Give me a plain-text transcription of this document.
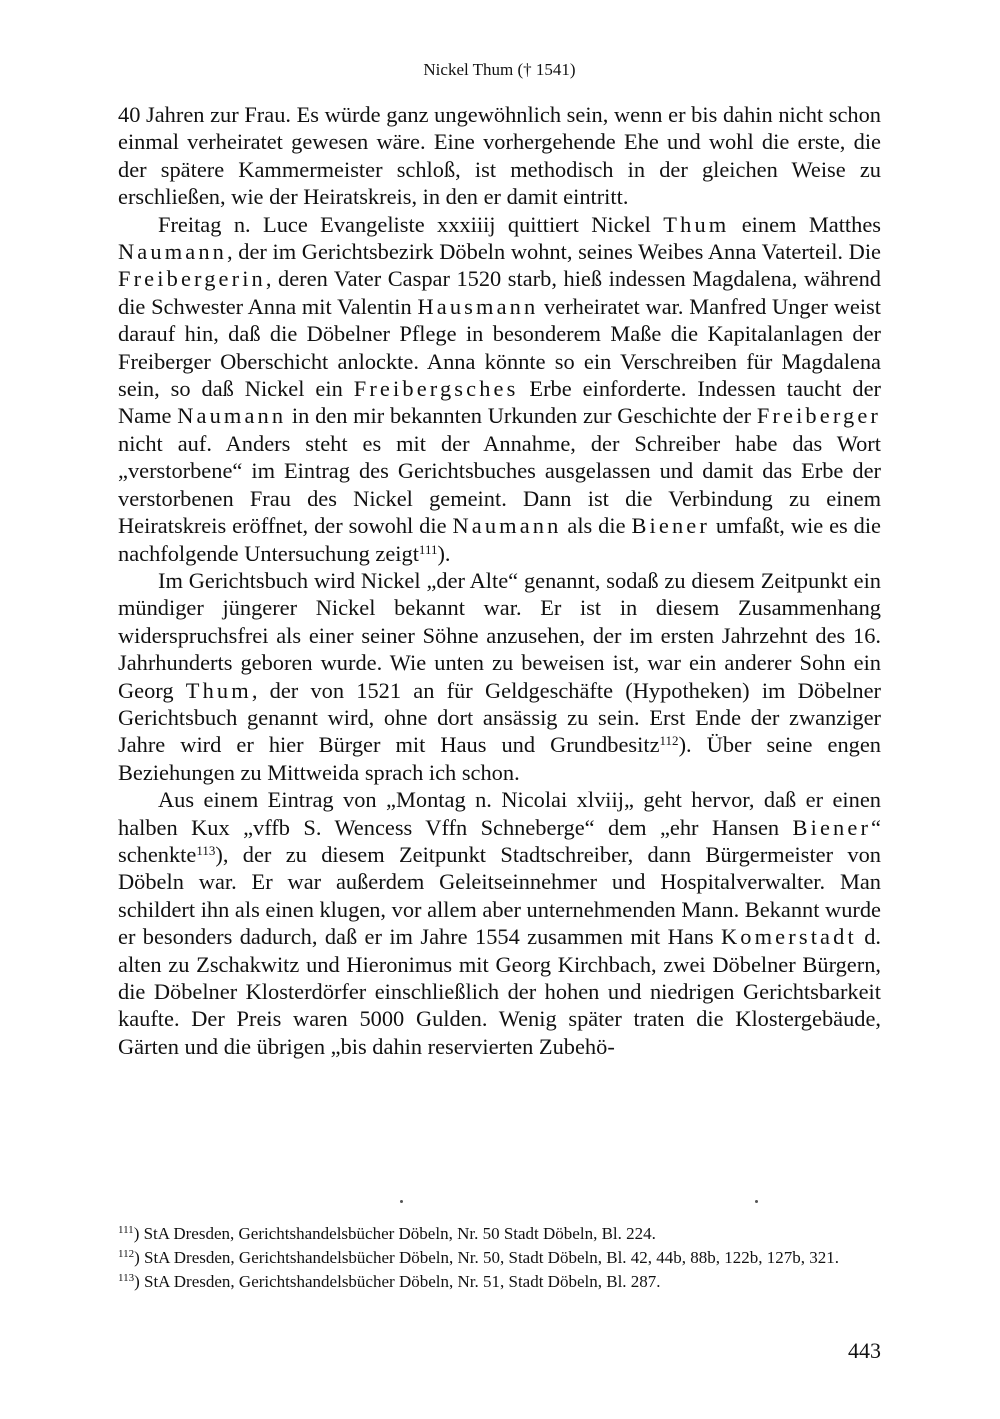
Nickel Thum († 1541)

40 Jahren zur Frau. Es würde ganz ungewöhnlich sein, wenn er bis dahin nicht schon einmal verheiratet gewesen wäre. Eine vorhergehende Ehe und wohl die erste, die der spätere Kammermeister schloß, ist methodisch in der gleichen Weise zu erschließen, wie der Heiratskreis, in den er damit eintritt.

Freitag n. Luce Evangeliste xxxiiij quittiert Nickel Thum einem Matthes Naumann, der im Gerichtsbezirk Döbeln wohnt, seines Weibes Anna Vaterteil. Die Freibergerin, deren Vater Caspar 1520 starb, hieß indessen Magdalena, während die Schwester Anna mit Valentin Hausmann verheiratet war. Manfred Unger weist darauf hin, daß die Döbelner Pflege in besonderem Maße die Kapitalanlagen der Freiberger Oberschicht anlockte. Anna könnte so ein Verschreiben für Magdalena sein, so daß Nickel ein Freibergsches Erbe einforderte. Indessen taucht der Name Naumann in den mir bekannten Urkunden zur Geschichte der Freiberger nicht auf. Anders steht es mit der Annahme, der Schreiber habe das Wort „verstorbene“ im Eintrag des Gerichtsbuches ausgelassen und damit das Erbe der verstorbenen Frau des Nickel gemeint. Dann ist die Verbindung zu einem Heiratskreis eröffnet, der sowohl die Naumann als die Biener umfaßt, wie es die nachfolgende Untersuchung zeigt$^{111}$).

Im Gerichtsbuch wird Nickel „der Alte“ genannt, sodaß zu diesem Zeitpunkt ein mündiger jüngerer Nickel bekannt war. Er ist in diesem Zusammenhang widerspruchsfrei als einer seiner Söhne anzusehen, der im ersten Jahrzehnt des 16. Jahrhunderts geboren wurde. Wie unten zu beweisen ist, war ein anderer Sohn ein Georg Thum, der von 1521 an für Geldgeschäfte (Hypotheken) im Döbelner Gerichtsbuch genannt wird, ohne dort ansässig zu sein. Erst Ende der zwanziger Jahre wird er hier Bürger mit Haus und Grundbesitz$^{112}$). Über seine engen Beziehungen zu Mittweida sprach ich schon.

Aus einem Eintrag von „Montag n. Nicolai xlviij„ geht hervor, daß er einen halben Kux „vffb S. Wencess Vffn Schneberge“ dem „ehr Hansen Biener“ schenkte$^{113}$), der zu diesem Zeitpunkt Stadtschreiber, dann Bürgermeister von Döbeln war. Er war außerdem Geleitseinnehmer und Hospitalverwalter. Man schildert ihn als einen klugen, vor allem aber unternehmenden Mann. Bekannt wurde er besonders dadurch, daß er im Jahre 1554 zusammen mit Hans Komerstadt d. alten zu Zschakwitz und Hieronimus mit Georg Kirchbach, zwei Döbelner Bürgern, die Döbelner Klosterdörfer einschließlich der hohen und niedrigen Gerichtsbarkeit kaufte. Der Preis waren 5000 Gulden. Wenig später traten die Klostergebäude, Gärten und die übrigen „bis dahin reservierten Zubehö-

$^{111}$) StA Dresden, Gerichtshandelsbücher Döbeln, Nr. 50 Stadt Döbeln, Bl. 224.

$^{112}$) StA Dresden, Gerichtshandelsbücher Döbeln, Nr. 50, Stadt Döbeln, Bl. 42, 44b, 88b, 122b, 127b, 321.

$^{113}$) StA Dresden, Gerichtshandelsbücher Döbeln, Nr. 51, Stadt Döbeln, Bl. 287.

443
